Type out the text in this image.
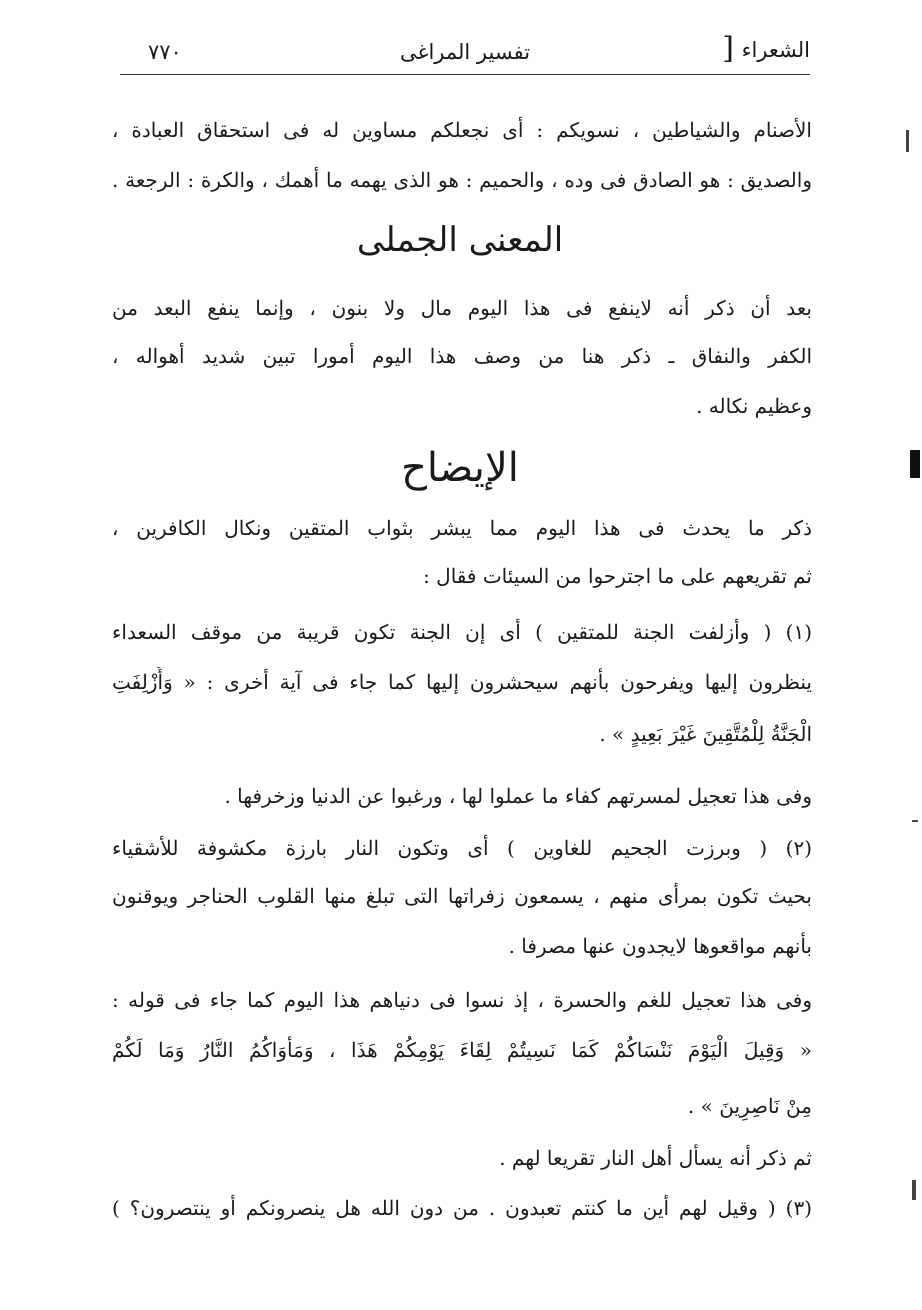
٧٧٠	تفسير المراغى	] الشعراء
الأصنام والشياطين ، نسويكم : أى نجعلكم مساوين له فى استحقاق العبادة ،
والصديق : هو الصادق فى وده ، والحميم : هو الذى يهمه ما أهمك ، والكرة : الرجعة .
المعنى الجملى
بعد أن ذكر أنه لاينفع فى هذا اليوم مال ولا بنون ، وإنما ينفع البعد من
الكفر والنفاق ـ ذكر هنا من وصف هذا اليوم أمورا تبين شديد أهواله ،
وعظيم نكاله .
الإيضاح
ذكر ما يحدث فى هذا اليوم مما يبشر بثواب المتقين ونكال الكافرين ،
ثم تقريعهم على ما اجترحوا من السيئات فقال :
(١) ( وأزلفت الجنة للمتقين ) أى إن الجنة تكون قريبة من موقف السعداء
ينظرون إليها ويفرحون بأنهم سيحشرون إليها كما جاء فى آية أخرى : « وَأُزْلِفَتِ
الْجَنَّةُ لِلْمُتَّقِينَ غَيْرَ بَعِيدٍ » .
وفى هذا تعجيل لمسرتهم كفاء ما عملوا لها ، ورغبوا عن الدنيا وزخرفها .
(٢) ( وبرزت الجحيم للغاوين ) أى وتكون النار بارزة مكشوفة للأشقياء
بحيث تكون بمرأى منهم ، يسمعون زفراتها التى تبلغ منها القلوب الحناجر ويوقنون
بأنهم مواقعوها لايجدون عنها مصرفا .
وفى هذا تعجيل للغم والحسرة ، إذ نسوا فى دنياهم هذا اليوم كما جاء فى قوله :
« وَقِيلَ الْيَوْمَ نَنْسَاكُمْ كَمَا نَسِيتُمْ لِقَاءَ يَوْمِكُمْ هَذَا ، وَمَأْوَاكُمُ النَّارُ وَمَا لَكُمْ
مِنْ نَاصِرِينَ » .
ثم ذكر أنه يسأل أهل النار تقريعا لهم .
(٣) ( وقيل لهم أين ما كنتم تعبدون . من دون الله هل ينصرونكم أو ينتصرون؟ )
